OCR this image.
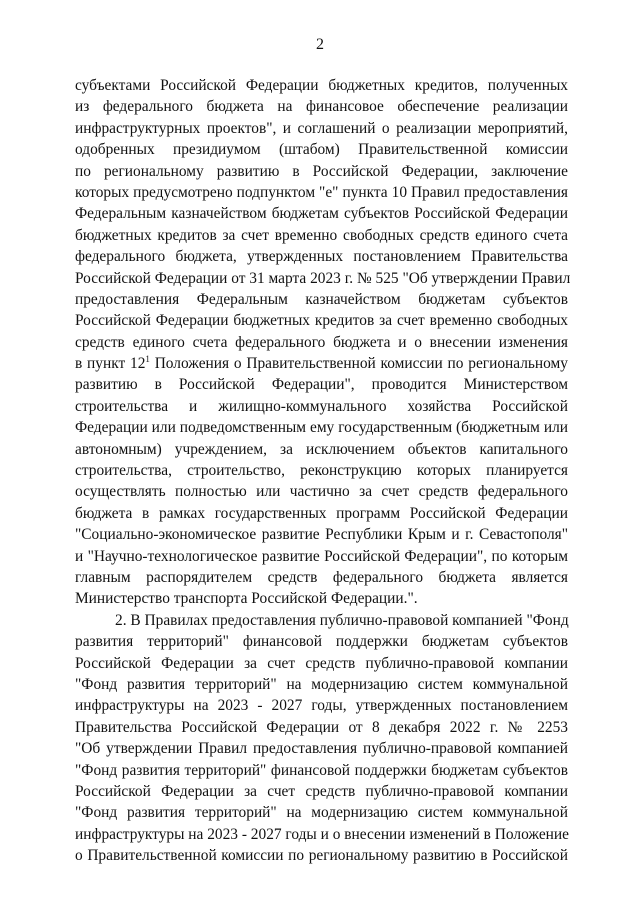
2
субъектами Российской Федерации бюджетных кредитов, полученных
из федерального бюджета на финансовое обеспечение реализации
инфраструктурных проектов", и соглашений о реализации мероприятий,
одобренных президиумом (штабом) Правительственной комиссии
по региональному развитию в Российской Федерации, заключение
которых предусмотрено подпунктом "е" пункта 10 Правил предоставления
Федеральным казначейством бюджетам субъектов Российской Федерации
бюджетных кредитов за счет временно свободных средств единого счета
федерального бюджета, утвержденных постановлением Правительства
Российской Федерации от 31 марта 2023 г. № 525 "Об утверждении Правил
предоставления Федеральным казначейством бюджетам субъектов
Российской Федерации бюджетных кредитов за счет временно свободных
средств единого счета федерального бюджета и о внесении изменения
в пункт $12^1$ Положения о Правительственной комиссии по региональному
развитию в Российской Федерации", проводится Министерством
строительства и жилищно-коммунального хозяйства Российской
Федерации или подведомственным ему государственным (бюджетным или
автономным) учреждением, за исключением объектов капитального
строительства, строительство, реконструкцию которых планируется
осуществлять полностью или частично за счет средств федерального
бюджета в рамках государственных программ Российской Федерации
"Социально-экономическое развитие Республики Крым и г. Севастополя"
и "Научно-технологическое развитие Российской Федерации", по которым
главным распорядителем средств федерального бюджета является
Министерство транспорта Российской Федерации.".
2. В Правилах предоставления публично-правовой компанией "Фонд
развития территорий" финансовой поддержки бюджетам субъектов
Российской Федерации за счет средств публично-правовой компании
"Фонд развития территорий" на модернизацию систем коммунальной
инфраструктуры на 2023 - 2027 годы, утвержденных постановлением
Правительства Российской Федерации от 8 декабря 2022 г. № 2253
"Об утверждении Правил предоставления публично-правовой компанией
"Фонд развития территорий" финансовой поддержки бюджетам субъектов
Российской Федерации за счет средств публично-правовой компании
"Фонд развития территорий" на модернизацию систем коммунальной
инфраструктуры на 2023 - 2027 годы и о внесении изменений в Положение
о Правительственной комиссии по региональному развитию в Российской
